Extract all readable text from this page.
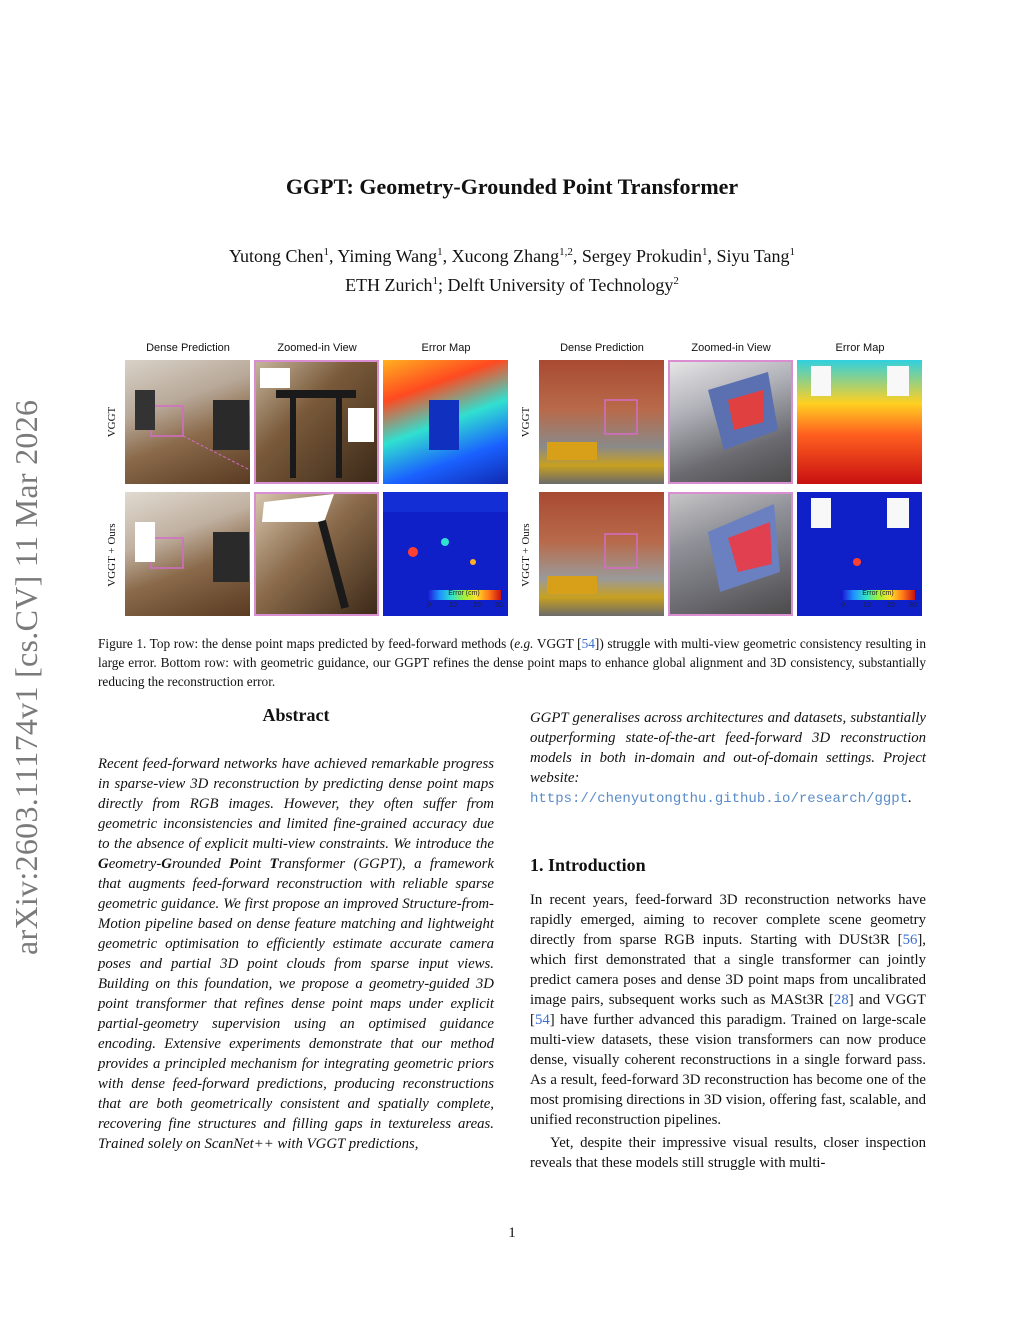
arXiv:2603.11174v1 [cs.CV] 11 Mar 2026
GGPT: Geometry-Grounded Point Transformer
Yutong Chen$^1$, Yiming Wang$^1$, Xucong Zhang$^{1,2}$, Sergey Prokudin$^1$, Siyu Tang$^1$
ETH Zurich$^1$; Delft University of Technology$^2$
Dense Prediction	Zoomed-in View	Error Map
VGGT
VGGT + Ours
Error (cm)
0	10 20 30
Dense Prediction	Zoomed-in View	Error Map
VGGT
VGGT + Ours
Error (cm)
0	10 20 30
Figure 1. Top row: the dense point maps predicted by feed-forward methods (e.g. VGGT [54]) struggle with multi-view geometric consistency resulting in large error. Bottom row: with geometric guidance, our GGPT refines the dense point maps to enhance global alignment and 3D consistency, substantially reducing the reconstruction error.
Abstract

Recent feed-forward networks have achieved remarkable progress in sparse-view 3D reconstruction by predicting dense point maps directly from RGB images. However, they often suffer from geometric inconsistencies and limited fine-grained accuracy due to the absence of explicit multi-view constraints. We introduce the Geometry-Grounded Point Transformer (GGPT), a framework that augments feed-forward reconstruction with reliable sparse geometric guidance. We first propose an improved Structure-from-Motion pipeline based on dense feature matching and lightweight geometric optimisation to efficiently estimate accurate camera poses and partial 3D point clouds from sparse input views. Building on this foundation, we propose a geometry-guided 3D point transformer that refines dense point maps under explicit partial-geometry supervision using an optimised guidance encoding. Extensive experiments demonstrate that our method provides a principled mechanism for integrating geometric priors with dense feed-forward predictions, producing reconstructions that are both geometrically consistent and spatially complete, recovering fine structures and filling gaps in textureless areas. Trained solely on ScanNet++ with VGGT predictions,

GGPT generalises across architectures and datasets, substantially outperforming state-of-the-art feed-forward 3D reconstruction models in both in-domain and out-of-domain settings. Project website: https://chenyutongthu.github.io/research/ggpt.

1. Introduction

In recent years, feed-forward 3D reconstruction networks have rapidly emerged, aiming to recover complete scene geometry directly from sparse RGB inputs. Starting with DUSt3R [56], which first demonstrated that a single transformer can jointly predict camera poses and dense 3D point maps from uncalibrated image pairs, subsequent works such as MASt3R [28] and VGGT [54] have further advanced this paradigm. Trained on large-scale multi-view datasets, these vision transformers can now produce dense, visually coherent reconstructions in a single forward pass. As a result, feed-forward 3D reconstruction has become one of the most promising directions in 3D vision, offering fast, scalable, and unified reconstruction pipelines.

Yet, despite their impressive visual results, closer inspection reveals that these models still struggle with multi-

1
